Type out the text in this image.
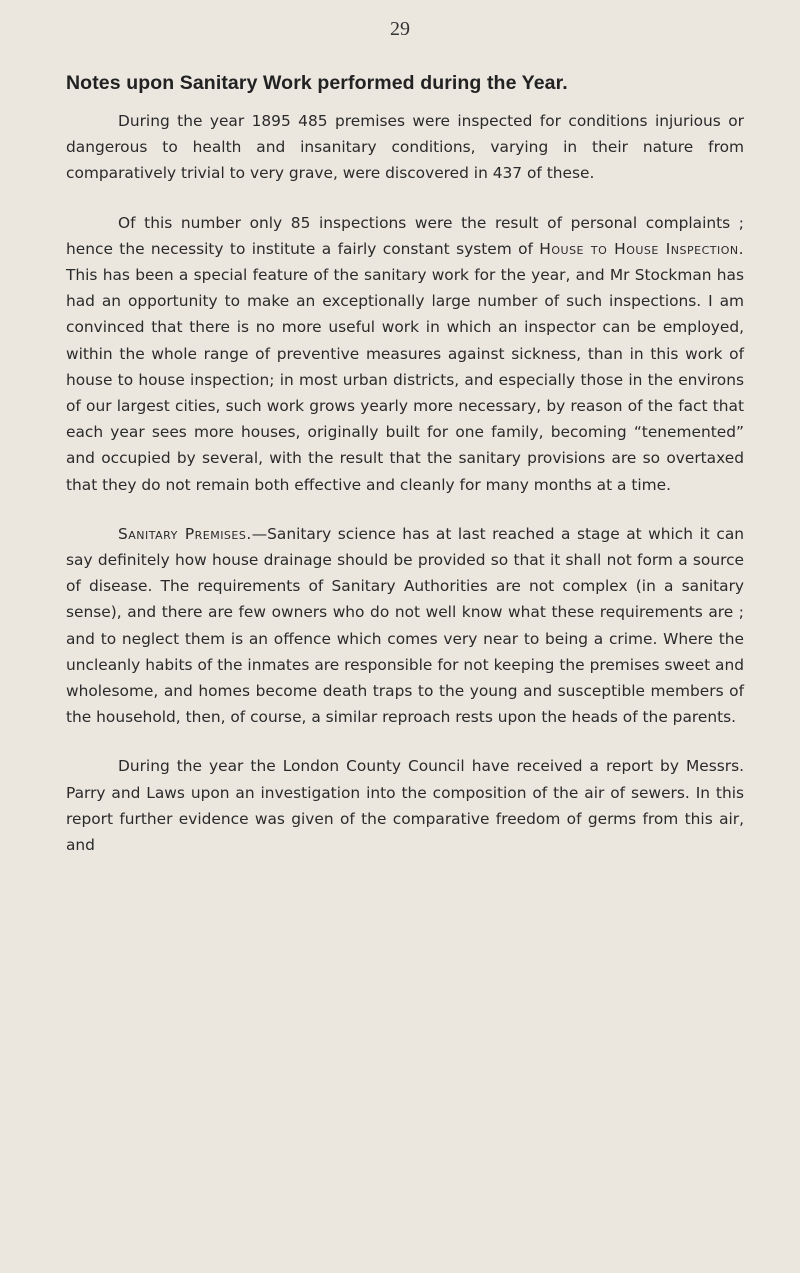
29
Notes upon Sanitary Work performed during the Year.

During the year 1895 485 premises were inspected for conditions injurious or dangerous to health and insanitary conditions, varying in their nature from comparatively trivial to very grave, were discovered in 437 of these.

Of this number only 85 inspections were the result of personal complaints ; hence the necessity to institute a fairly constant system of House to House Inspection. This has been a special feature of the sanitary work for the year, and Mr Stockman has had an opportunity to make an exceptionally large number of such inspections. I am convinced that there is no more useful work in which an inspector can be employed, within the whole range of preventive measures against sickness, than in this work of house to house inspection; in most urban districts, and especially those in the environs of our largest cities, such work grows yearly more necessary, by reason of the fact that each year sees more houses, originally built for one family, becoming “tenemented” and occupied by several, with the result that the sanitary provisions are so overtaxed that they do not remain both effective and cleanly for many months at a time.

Sanitary Premises.—Sanitary science has at last reached a stage at which it can say definitely how house drainage should be provided so that it shall not form a source of disease. The requirements of Sanitary Authorities are not complex (in a sanitary sense), and there are few owners who do not well know what these requirements are ; and to neglect them is an offence which comes very near to being a crime. Where the uncleanly habits of the inmates are responsible for not keeping the premises sweet and wholesome, and homes become death traps to the young and susceptible members of the household, then, of course, a similar reproach rests upon the heads of the parents.

During the year the London County Council have received a report by Messrs. Parry and Laws upon an investigation into the composition of the air of sewers. In this report further evidence was given of the comparative freedom of germs from this air, and
